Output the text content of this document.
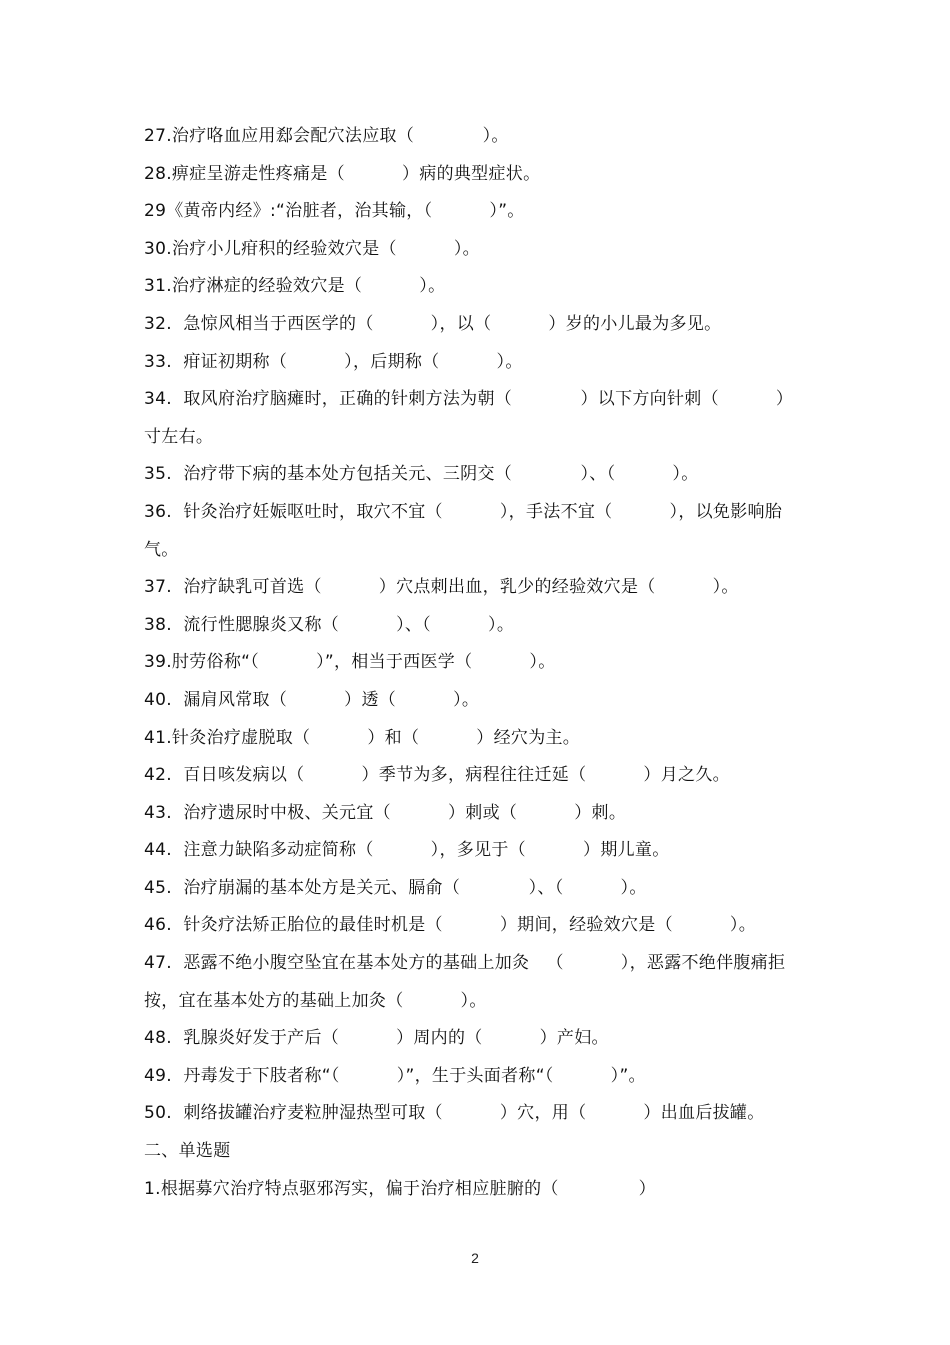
27.治疗咯血应用郄会配穴法应取（            ）。
28.痹症呈游走性疼痛是（          ）病的典型症状。
29《黄帝内经》:“治脏者，治其输，（          ）”。
30.治疗小儿疳积的经验效穴是（          ）。
31.治疗淋症的经验效穴是（          ）。
32.  急惊风相当于西医学的（          ），以（          ）岁的小儿最为多见。
33.  疳证初期称（          ），后期称（          ）。
34.  取风府治疗脑瘫时，正确的针刺方法为朝（            ）以下方向针刺（          ）
寸左右。
35.  治疗带下病的基本处方包括关元、三阴交（            ）、（          ）。
36.  针灸治疗妊娠呕吐时，取穴不宜（          ），手法不宜（          ），以免影响胎
气。
37.  治疗缺乳可首选（          ）穴点刺出血，乳少的经验效穴是（          ）。
38.  流行性腮腺炎又称（          ）、（          ）。
39.肘劳俗称“（          ）”，相当于西医学（          ）。
40.  漏肩风常取（          ）透（          ）。
41.针灸治疗虚脱取（          ）和（          ）经穴为主。
42.  百日咳发病以（          ）季节为多，病程往往迁延（          ）月之久。
43.  治疗遗尿时中极、关元宜（          ）刺或（          ）刺。
44.  注意力缺陷多动症简称（          ），多见于（          ）期儿童。
45.  治疗崩漏的基本处方是关元、膈俞（            ）、（          ）。
46.  针灸疗法矫正胎位的最佳时机是（          ）期间，经验效穴是（          ）。
47.  恶露不绝小腹空坠宜在基本处方的基础上加灸   （          ），恶露不绝伴腹痛拒
按，宜在基本处方的基础上加灸（          ）。
48.  乳腺炎好发于产后（          ）周内的（          ）产妇。
49.  丹毒发于下肢者称“（          ）”，生于头面者称“（          ）”。
50.  刺络拔罐治疗麦粒肿湿热型可取（          ）穴，用（          ）出血后拔罐。
二、单选题
1.根据募穴治疗特点驱邪泻实，偏于治疗相应脏腑的（              ）
2
